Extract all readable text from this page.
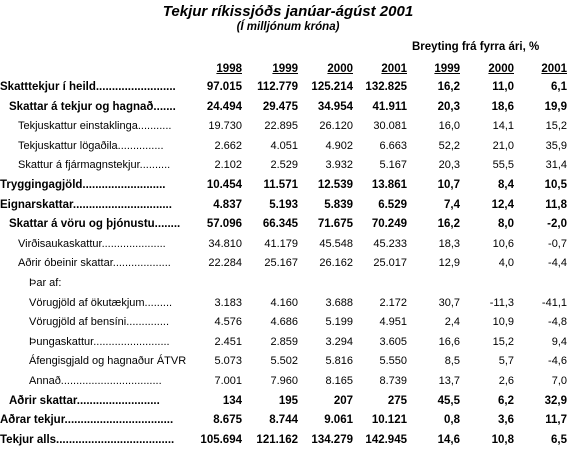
Tekjur ríkissjóðs janúar-ágúst 2001
(Í milljónum króna)
Breyting frá fyrra ári, %
1998	1999	2000	2001	1999	2000	2001
Skatttekjur í heild.........................	97.015	112.779	125.214	132.825	16,2	11,0	6,1
Skattar á tekjur og hagnað.......	24.494	29.475	34.954	41.911	20,3	18,6	19,9
Tekjuskattur einstaklinga...........	19.730	22.895	26.120	30.081	16,0	14,1	15,2
Tekjuskattur lögaðila...............	2.662	4.051	4.902	6.663	52,2	21,0	35,9
Skattur á fjármagnstekjur..........	2.102	2.529	3.932	5.167	20,3	55,5	31,4
Tryggingagjöld..........................	10.454	11.571	12.539	13.861	10,7	8,4	10,5
Eignarskattar...............................	4.837	5.193	5.839	6.529	7,4	12,4	11,8
Skattar á vöru og þjónustu........	57.096	66.345	71.675	70.249	16,2	8,0	-2,0
Virðisaukaskattur.....................	34.810	41.179	45.548	45.233	18,3	10,6	-0,7
Aðrir óbeinir skattar...................	22.284	25.167	26.162	25.017	12,9	4,0	-4,4
Þar af:
Vörugjöld af ökutækjum.........	3.183	4.160	3.688	2.172	30,7	-11,3	-41,1
Vörugjöld af bensíni..............	4.576	4.686	5.199	4.951	2,4	10,9	-4,8
Þungaskattur.........................	2.451	2.859	3.294	3.605	16,6	15,2	9,4
Áfengisgjald og hagnaður ÁTVR	5.073	5.502	5.816	5.550	8,5	5,7	-4,6
Annað.................................	7.001	7.960	8.165	8.739	13,7	2,6	7,0
Aðrir skattar..........................	134	195	207	275	45,5	6,2	32,9
Aðrar tekjur..................................	8.675	8.744	9.061	10.121	0,8	3,6	11,7
Tekjur alls.....................................	105.694	121.162	134.279	142.945	14,6	10,8	6,5
